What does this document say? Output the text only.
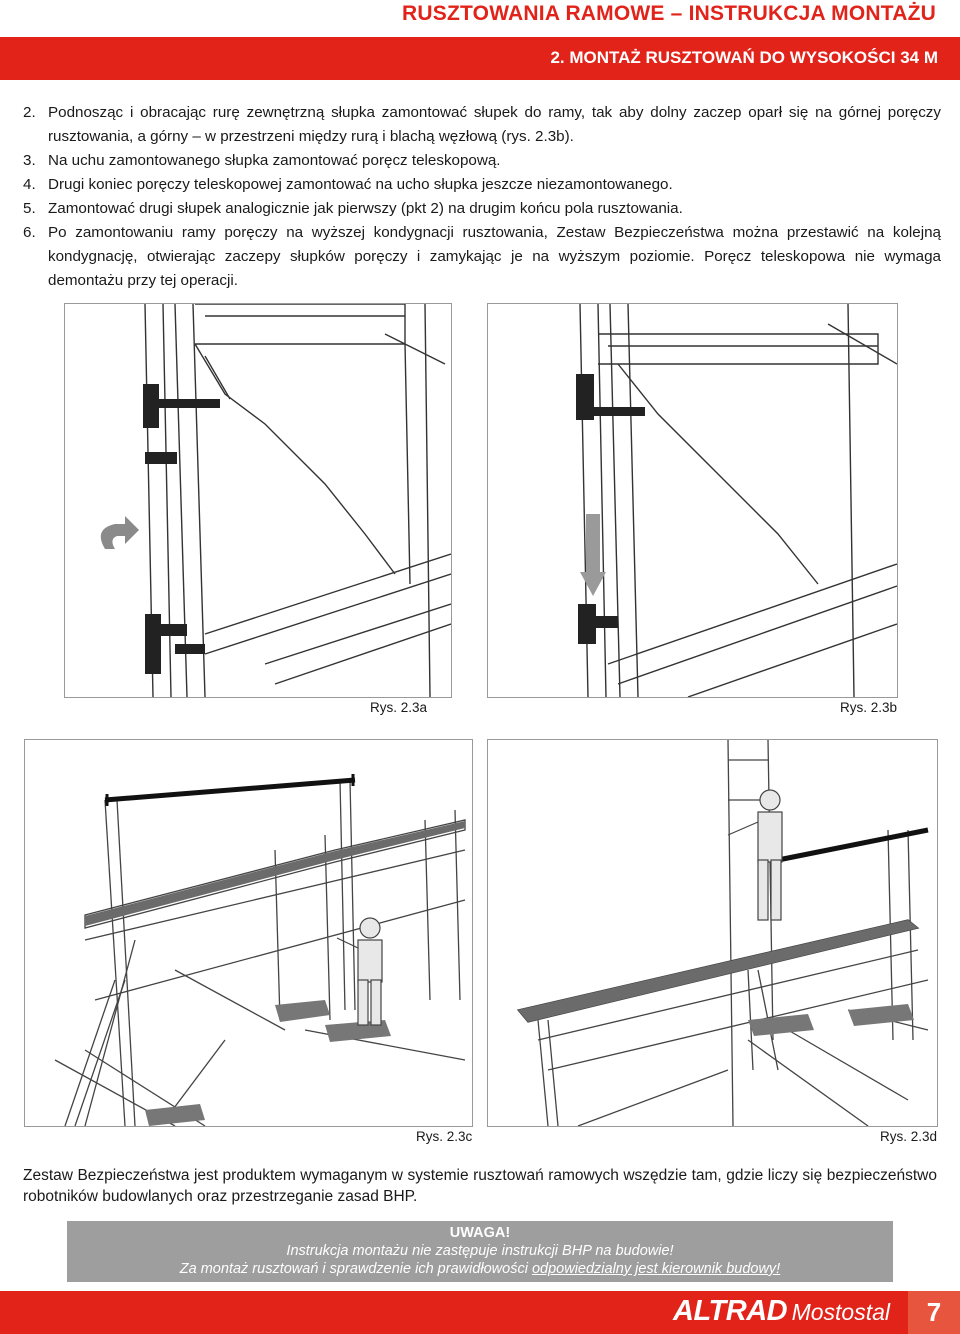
RUSZTOWANIA RAMOWE – INSTRUKCJA MONTAŻU
2. MONTAŻ RUSZTOWAŃ DO WYSOKOŚCI 34 M
2. Podnosząc i obracając rurę zewnętrzną słupka zamontować słupek do ramy, tak aby dolny zaczep oparł się na górnej poręczy rusztowania, a górny – w przestrzeni między rurą i blachą węzłową (rys. 2.3b).
3. Na uchu zamontowanego słupka zamontować poręcz teleskopową.
4. Drugi koniec poręczy teleskopowej zamontować na ucho słupka jeszcze niezamontowanego.
5. Zamontować drugi słupek analogicznie jak pierwszy (pkt 2) na drugim końcu pola rusztowania.
6. Po zamontowaniu ramy poręczy na wyższej kondygnacji rusztowania, Zestaw Bezpieczeństwa można przestawić na kolejną kondygnację, otwierając zaczepy słupków poręczy i zamykając je na wyższym poziomie. Poręcz teleskopowa nie wymaga demontażu przy tej operacji.
Rys. 2.3a	Rys. 2.3b
Rys. 2.3c	Rys. 2.3d
Zestaw Bezpieczeństwa jest produktem wymaganym w systemie rusztowań ramowych wszędzie tam, gdzie liczy się bezpieczeństwo robotników budowlanych oraz przestrzeganie zasad BHP.
UWAGA!
Instrukcja montażu nie zastępuje instrukcji BHP na budowie!
Za montaż rusztowań i sprawdzenie ich prawidłowości odpowiedzialny jest kierownik budowy!
ALTRAD Mostostal	7
